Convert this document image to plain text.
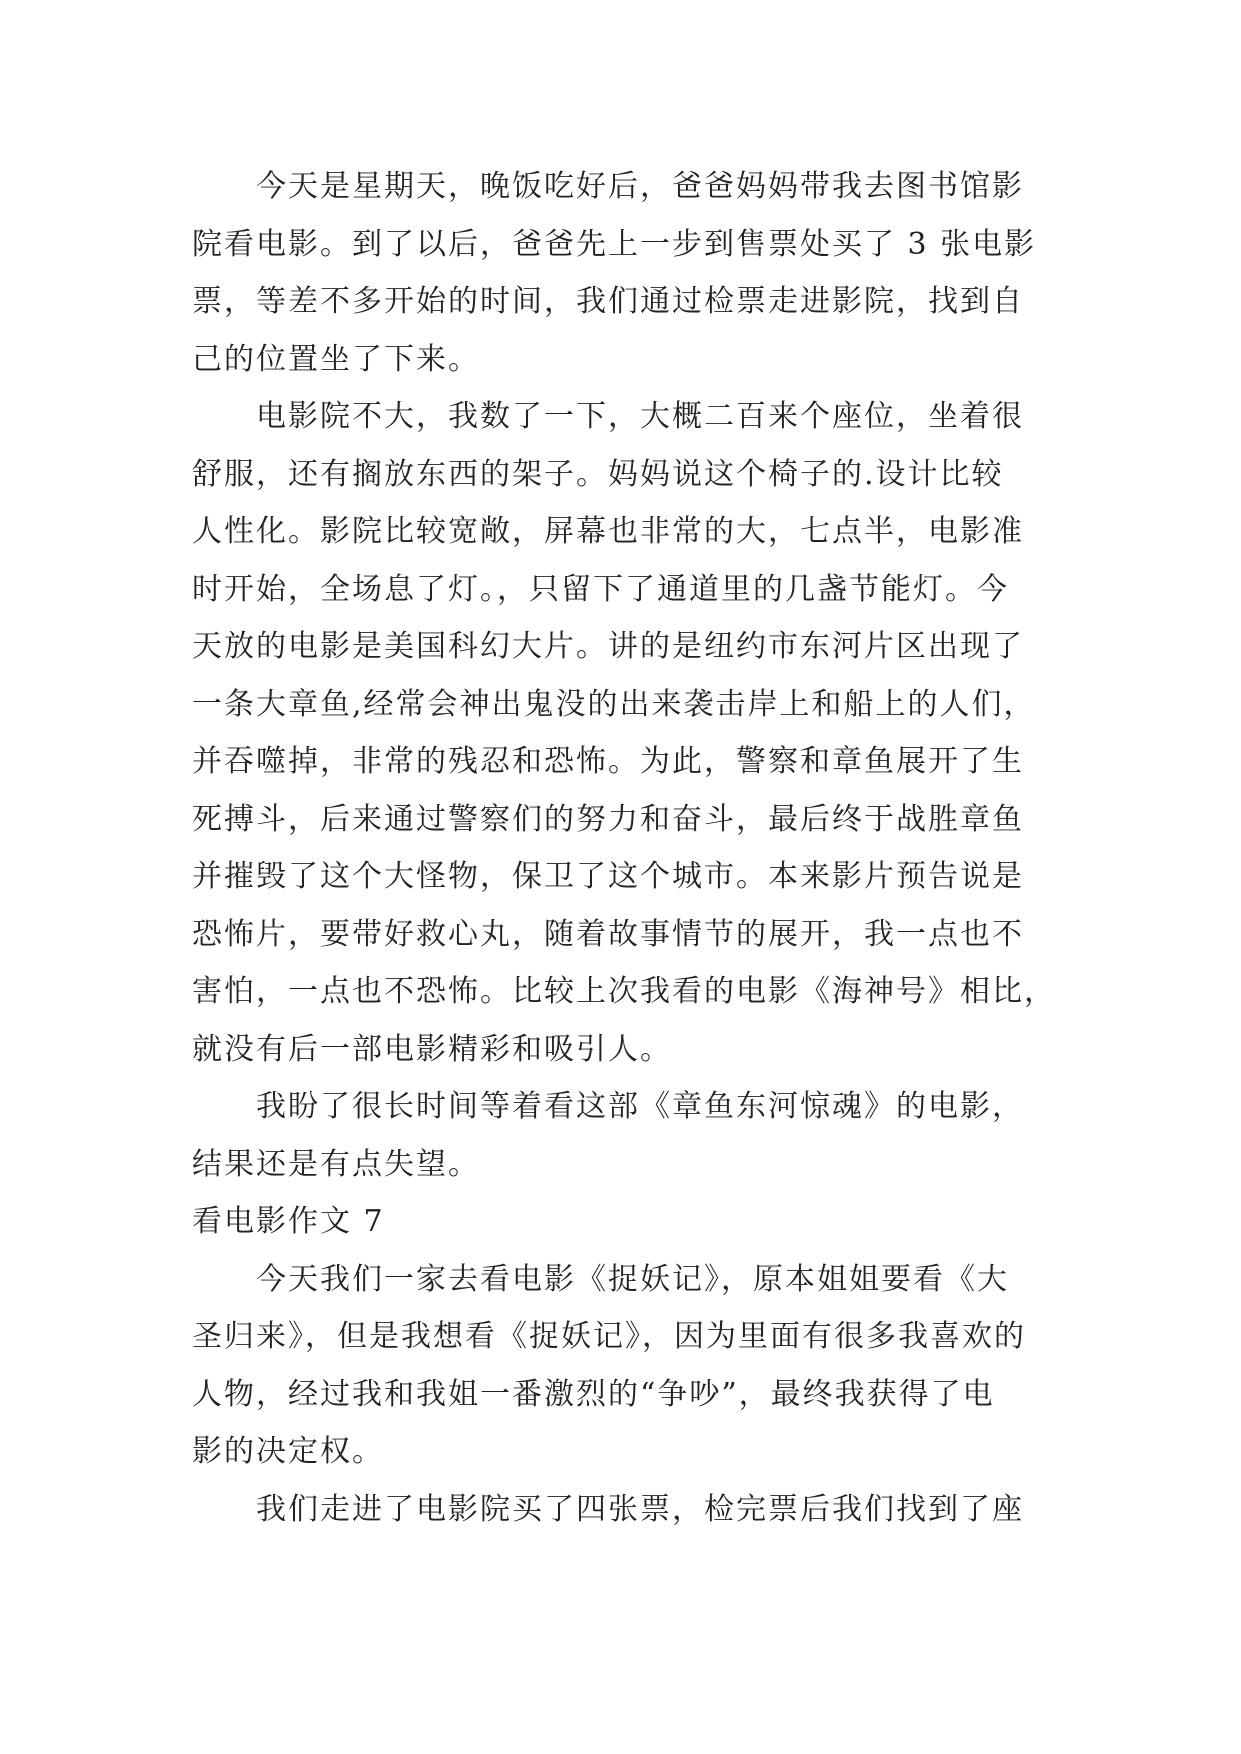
今天是星期天，晚饭吃好后，爸爸妈妈带我去图书馆影
院看电影。到了以后，爸爸先上一步到售票处买了 3 张电影
票，等差不多开始的时间，我们通过检票走进影院，找到自
己的位置坐了下来。
电影院不大，我数了一下，大概二百来个座位，坐着很
舒服，还有搁放东西的架子。妈妈说这个椅子的.设计比较
人性化。影院比较宽敞，屏幕也非常的大，七点半，电影准
时开始，全场息了灯。，只留下了通道里的几盏节能灯。今
天放的电影是美国科幻大片。讲的是纽约市东河片区出现了
一条大章鱼,经常会神出鬼没的出来袭击岸上和船上的人们，
并吞噬掉，非常的残忍和恐怖。为此，警察和章鱼展开了生
死搏斗，后来通过警察们的努力和奋斗，最后终于战胜章鱼
并摧毁了这个大怪物，保卫了这个城市。本来影片预告说是
恐怖片，要带好救心丸，随着故事情节的展开，我一点也不
害怕，一点也不恐怖。比较上次我看的电影《海神号》相比，
就没有后一部电影精彩和吸引人。
我盼了很长时间等着看这部《章鱼东河惊魂》的电影，
结果还是有点失望。
看电影作文 7
今天我们一家去看电影《捉妖记》，原本姐姐要看《大
圣归来》，但是我想看《捉妖记》，因为里面有很多我喜欢的
人物，经过我和我姐一番激烈的“争吵”，最终我获得了电
影的决定权。
我们走进了电影院买了四张票，检完票后我们找到了座
